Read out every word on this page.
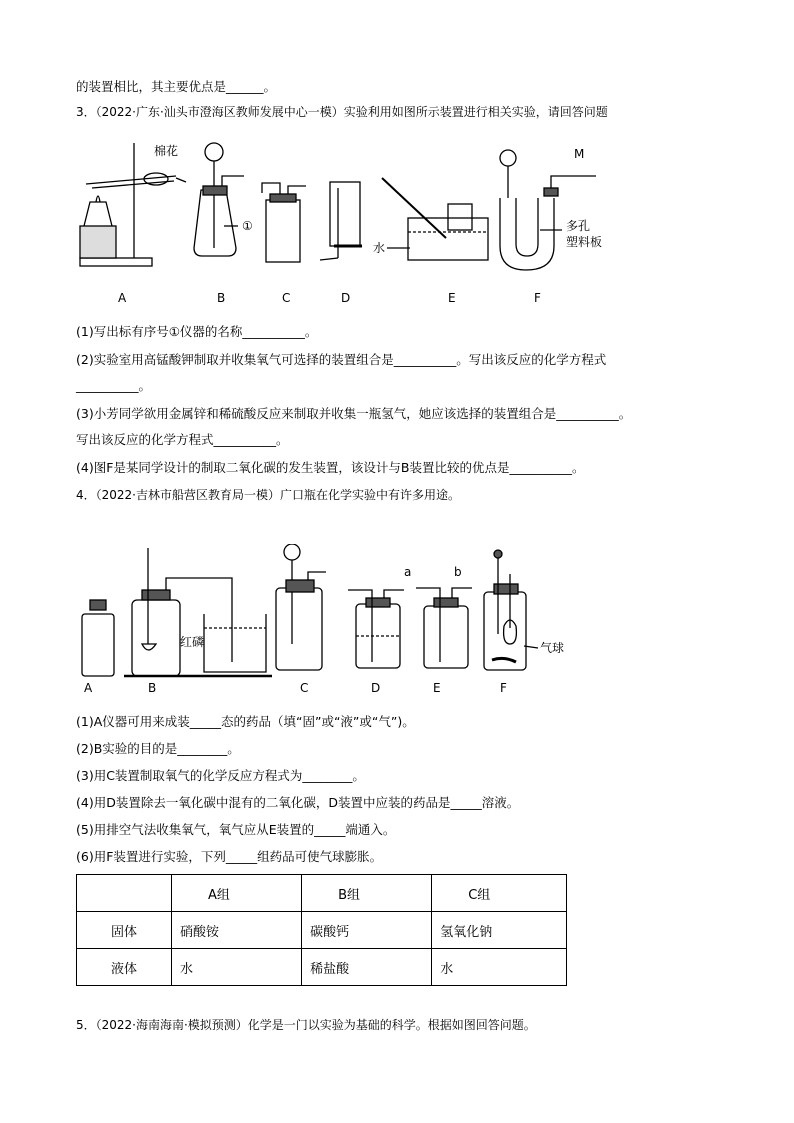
的装置相比，其主要优点是______。
3．（2022·广东·汕头市澄海区教师发展中心一模）实验利用如图所示装置进行相关实验，请回答问题
棉花
①
水
M
多孔
塑料板
A	B	C	D	E	F
(1)写出标有序号①仪器的名称__________。
(2)实验室用高锰酸钾制取并收集氧气可选择的装置组合是__________。写出该反应的化学方程式
__________。
(3)小芳同学欲用金属锌和稀硫酸反应来制取并收集一瓶氢气，她应该选择的装置组合是__________。
写出该反应的化学方程式__________。
(4)图F是某同学设计的制取二氧化碳的发生装置，该设计与B装置比较的优点是__________。
4．（2022·吉林市船营区教育局一模）广口瓶在化学实验中有许多用途。
A
红磷
B	C	D
a	b
E
气球
F
(1)A仪器可用来成装_____态的药品（填“固”或“液”或“气”)。
(2)B实验的目的是________。
(3)用C装置制取氧气的化学反应方程式为________。
(4)用D装置除去一氧化碳中混有的二氧化碳，D装置中应装的药品是_____溶液。
(5)用排空气法收集氧气，氧气应从E装置的_____端通入。
(6)用F装置进行实验，下列_____组药品可使气球膨胀。
	A组	B组	C组
固体	硝酸铵	碳酸钙	氢氧化钠
液体	水	稀盐酸	水
5．（2022·海南海南·模拟预测）化学是一门以实验为基础的科学。根据如图回答问题。
